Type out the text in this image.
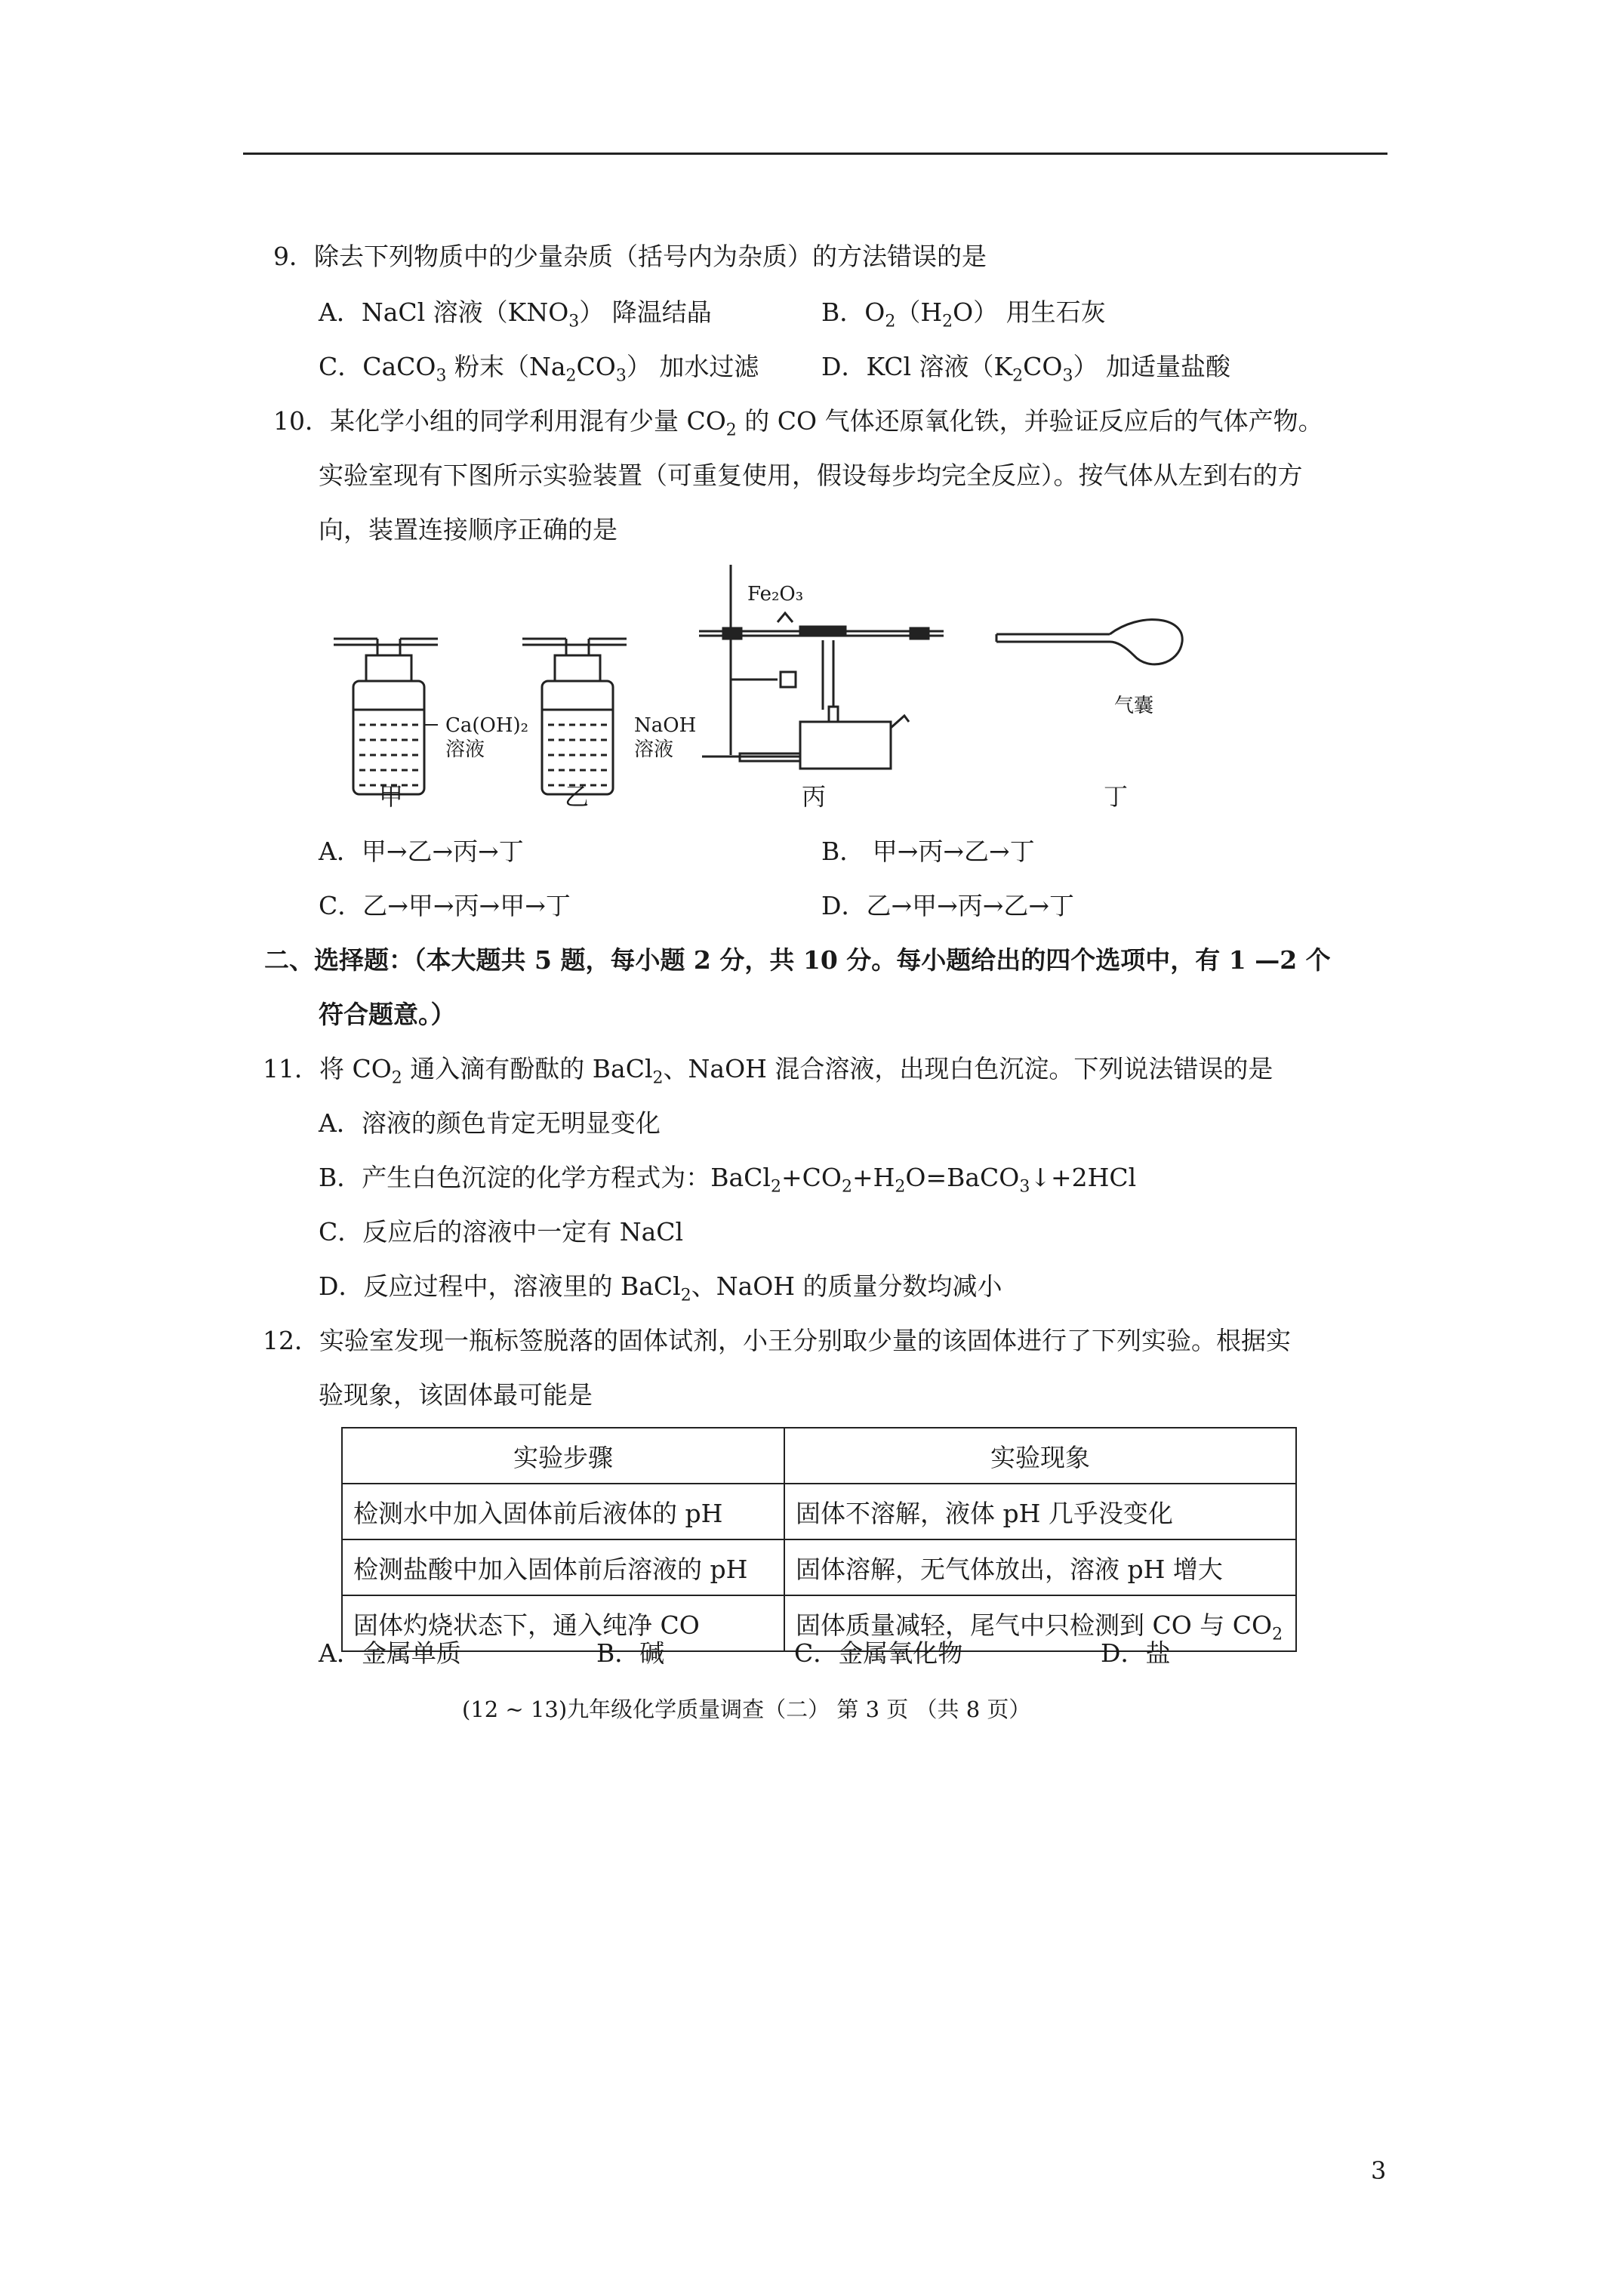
9．除去下列物质中的少量杂质（括号内为杂质）的方法错误的是
A．NaCl 溶液$(KNO_3)$ 降温结晶	B．$O_2(H_2O)$ 用生石灰
C．CaCO$_3$ 粉末$(Na_2CO_3)$ 加水过滤	D．KCl 溶液$(K_2CO_3)$ 加适量盐酸
10．某化学小组的同学利用混有少量 $CO_2$ 的 CO 气体还原氧化铁，并验证反应后的气体产物。
实验室现有下图所示实验装置（可重复使用，假设每步均完全反应）。按气体从左到右的方
向，装置连接顺序正确的是
Fe₂O₃
Ca(OH)₂
溶液
NaOH
溶液
气囊
甲	乙	丙	丁
A．甲→乙→丙→丁	B． 甲→丙→乙→丁
C．乙→甲→丙→甲→丁	D．乙→甲→丙→乙→丁
二、选择题：（本大题共 5 题，每小题 2 分，共 10 分。每小题给出的四个选项中，有 1 —2 个
符合题意。）
11．将 $CO_2$ 通入滴有酚酞的 BaCl$_2$、NaOH 混合溶液，出现白色沉淀。下列说法错误的是
A．溶液的颜色肯定无明显变化
B．产生白色沉淀的化学方程式为：$BaCl_2+CO_2+H_2O=BaCO_3↓+2HCl$
C．反应后的溶液中一定有 NaCl
D．反应过程中，溶液里的 BaCl$_2$、NaOH 的质量分数均减小
12．实验室发现一瓶标签脱落的固体试剂，小王分别取少量的该固体进行了下列实验。根据实
验现象，该固体最可能是
实验步骤	实验现象
检测水中加入固体前后液体的 pH	固体不溶解，液体 pH 几乎没变化
检测盐酸中加入固体前后溶液的 pH	固体溶解，无气体放出，溶液 pH 增大
固体灼烧状态下，通入纯净 CO	固体质量减轻，尾气中只检测到 CO 与 $CO_2$
A．金属单质	B．碱	C．金属氧化物	D．盐
(12 ~ 13)九年级化学质量调查（二） 第 3 页 （共 8 页）
3
